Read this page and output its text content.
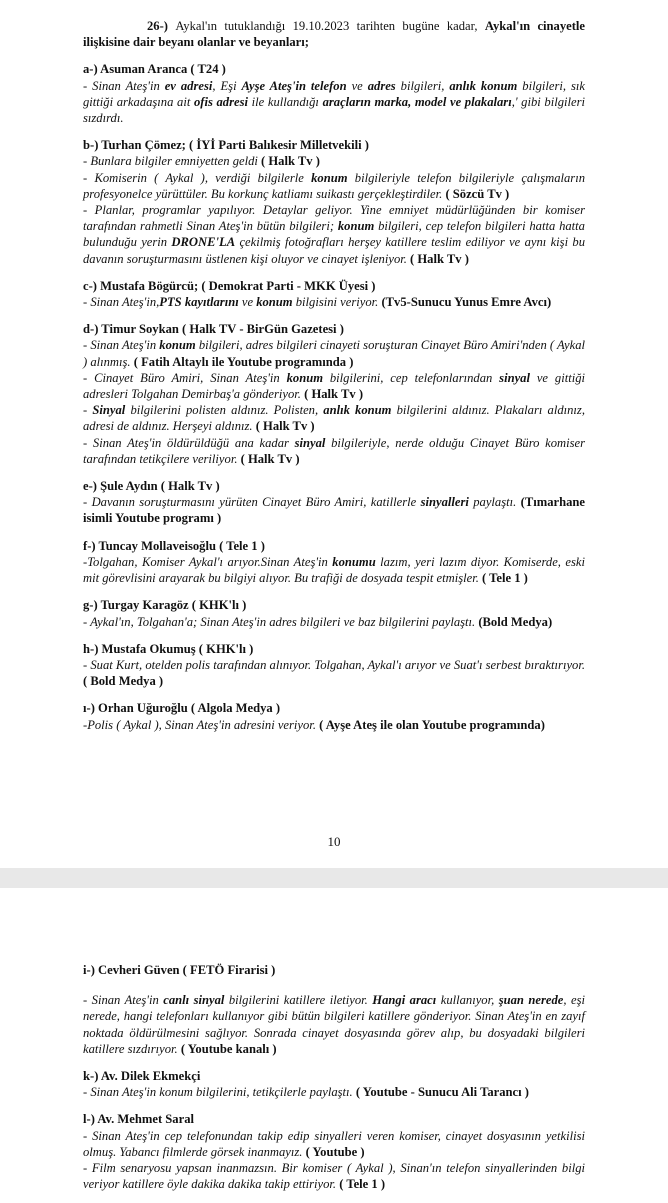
26-) Aykal'ın tutuklandığı 19.10.2023 tarihten bugüne kadar, Aykal'ın cinayetle ilişkisine dair beyanı olanlar ve beyanları;

a-) Asuman Aranca ( T24 )

- Sinan Ateş'in ev adresi, Eşi Ayşe Ateş'in telefon ve adres bilgileri, anlık konum bilgileri, sık gittiği arkadaşına ait ofis adresi ile kullandığı araçların marka, model ve plakaları,' gibi bilgileri sızdırdı.

b-) Turhan Çömez; ( İYİ Parti Balıkesir Milletvekili )

- Bunlara bilgiler emniyetten geldi ( Halk Tv )

- Komiserin ( Aykal ), verdiği bilgilerle konum bilgileriyle telefon bilgileriyle çalışmaların profesyonelce yürüttüler. Bu korkunç katliamı suikastı gerçekleştirdiler. ( Sözcü Tv )

- Planlar, programlar yapılıyor. Detaylar geliyor. Yine emniyet müdürlüğünden bir komiser tarafından rahmetli Sinan Ateş'in bütün bilgileri; konum bilgileri, cep telefon bilgileri hatta hatta bulunduğu yerin DRONE'LA çekilmiş fotoğrafları herşey katillere teslim ediliyor ve aynı kişi bu davanın soruşturmasını üstlenen kişi oluyor ve cinayet işleniyor. ( Halk Tv )

c-) Mustafa Bögürcü; ( Demokrat Parti - MKK Üyesi )

- Sinan Ateş'in,PTS kayıtlarını ve konum bilgisini veriyor. (Tv5-Sunucu Yunus Emre Avcı)

d-) Timur Soykan ( Halk TV - BirGün Gazetesi )

- Sinan Ateş'in konum bilgileri, adres bilgileri cinayeti soruşturan Cinayet Büro Amiri'nden ( Aykal ) alınmış. ( Fatih Altaylı ile Youtube programında )

- Cinayet Büro Amiri, Sinan Ateş'in konum bilgilerini, cep telefonlarından sinyal ve gittiği adresleri Tolgahan Demirbaş'a gönderiyor. ( Halk Tv )

- Sinyal bilgilerini polisten aldınız. Polisten, anlık konum bilgilerini aldınız. Plakaları aldınız, adresi de aldınız. Herşeyi aldınız. ( Halk Tv )

- Sinan Ateş'in öldürüldüğü ana kadar sinyal bilgileriyle, nerde olduğu Cinayet Büro komiser tarafından tetikçilere veriliyor. ( Halk Tv )

e-) Şule Aydın ( Halk Tv )

- Davanın soruşturmasını yürüten Cinayet Büro Amiri, katillerle sinyalleri paylaştı. (Tımarhane isimli Youtube programı )

f-) Tuncay Mollaveisoğlu ( Tele 1 )

-Tolgahan, Komiser Aykal'ı arıyor.Sinan Ateş'in konumu lazım, yeri lazım diyor. Komiserde, eski mit görevlisini arayarak bu bilgiyi alıyor. Bu trafiği de dosyada tespit etmişler. ( Tele 1 )

g-) Turgay Karagöz ( KHK'lı )

- Aykal'ın, Tolgahan'a; Sinan Ateş'in adres bilgileri ve baz bilgilerini paylaştı. (Bold Medya)

h-) Mustafa Okumuş ( KHK'lı )

- Suat Kurt, otelden polis tarafından alınıyor. Tolgahan, Aykal'ı arıyor ve Suat'ı serbest bıraktırıyor. ( Bold Medya )

ı-) Orhan Uğuroğlu ( Algola Medya )

-Polis ( Aykal ), Sinan Ateş'in adresini veriyor. ( Ayşe Ateş ile olan Youtube programında)

10

i-) Cevheri Güven ( FETÖ Firarisi )

- Sinan Ateş'in canlı sinyal bilgilerini katillere iletiyor. Hangi aracı kullanıyor, şuan nerede, eşi nerede, hangi telefonları kullanıyor gibi bütün bilgileri katillere gönderiyor. Sinan Ateş'in en zayıf noktada öldürülmesini sağlıyor. Sonrada cinayet dosyasında görev alıp, bu dosyadaki bilgileri katillere sızdırıyor. ( Youtube kanalı )

k-) Av. Dilek Ekmekçi

- Sinan Ateş'in konum bilgilerini, tetikçilerle paylaştı. ( Youtube - Sunucu Ali Tarancı )

l-) Av. Mehmet Saral

- Sinan Ateş'in cep telefonundan takip edip sinyalleri veren komiser, cinayet dosyasının yetkilisi olmuş. Yabancı filmlerde görsek inanmayız. ( Youtube )

- Film senaryosu yapsan inanmazsın. Bir komiser ( Aykal ), Sinan'ın telefon sinyallerinden bilgi veriyor katillere öyle dakika dakika takip ettiriyor. ( Tele 1 )
